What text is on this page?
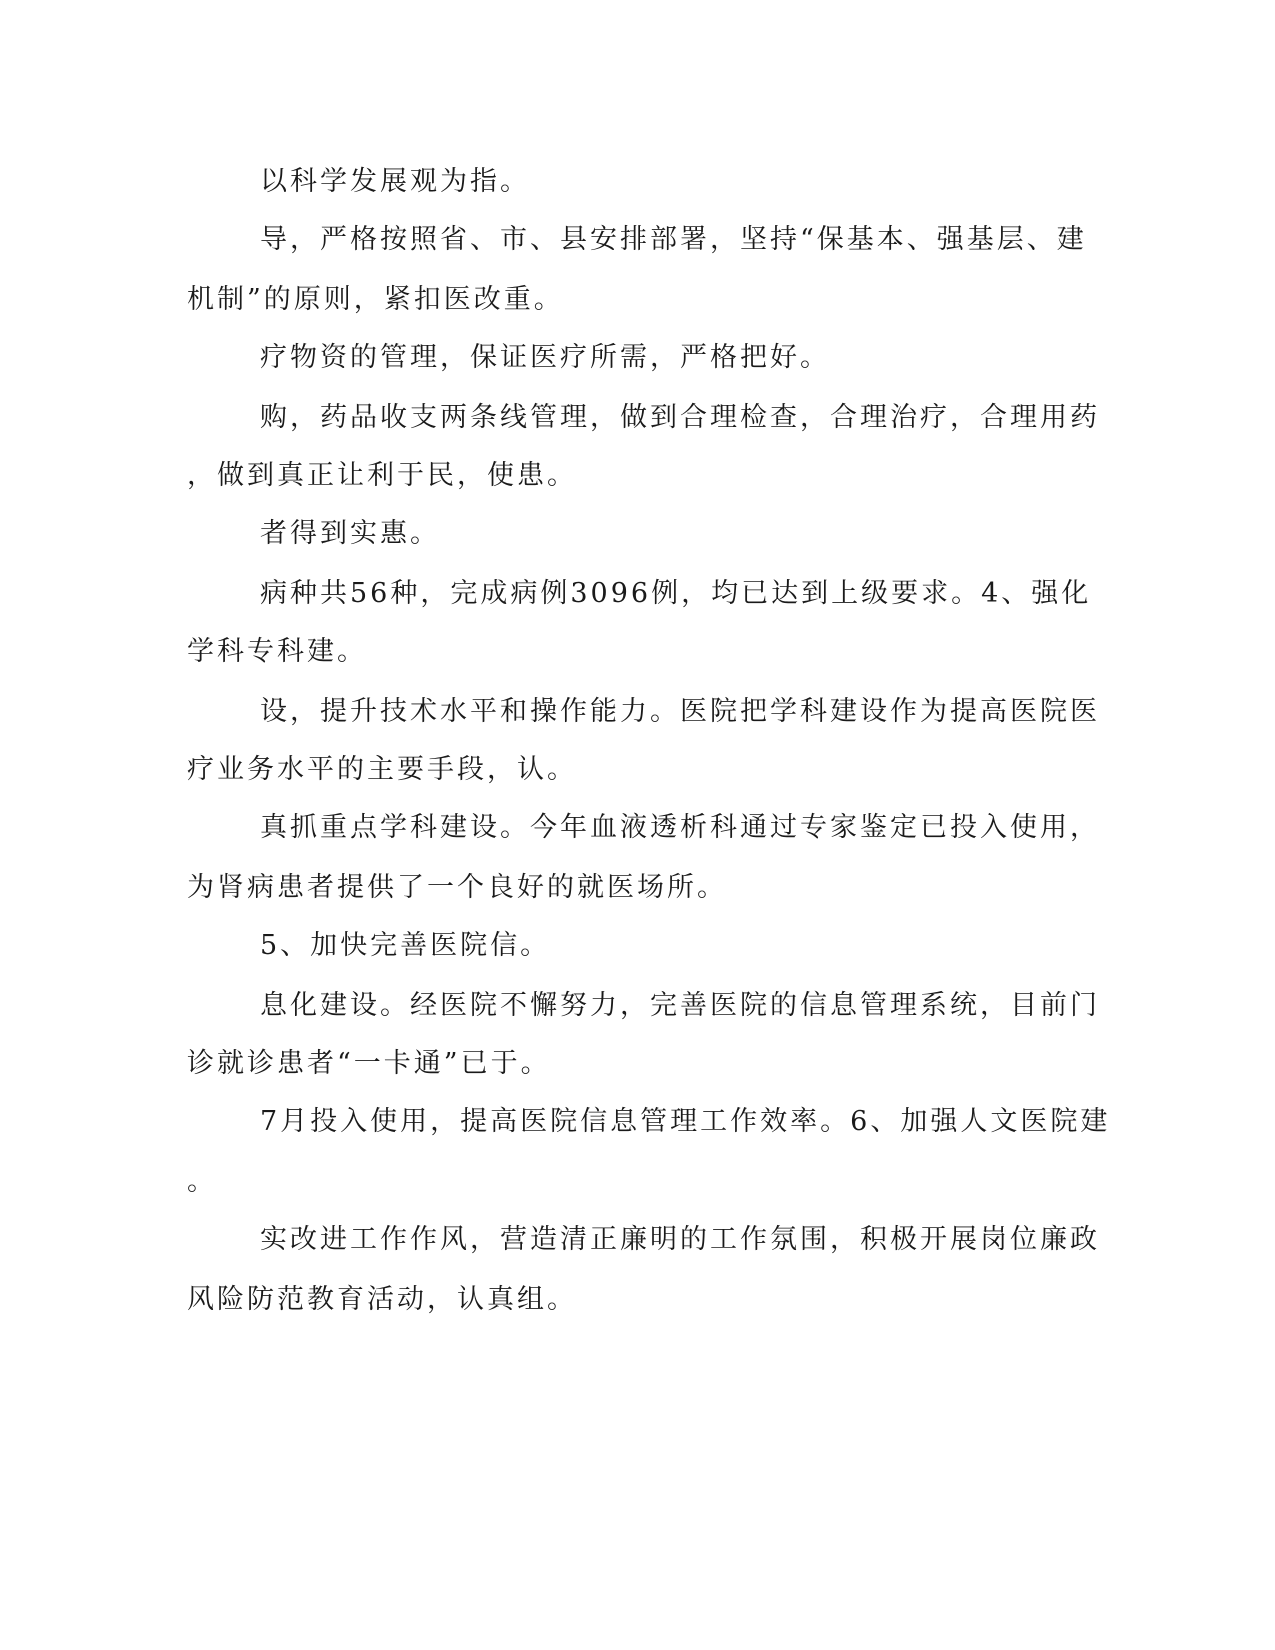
以科学发展观为指。
导，严格按照省、市、县安排部署，坚持“保基本、强基层、建
机制”的原则，紧扣医改重。
疗物资的管理，保证医疗所需，严格把好。
购，药品收支两条线管理，做到合理检查，合理治疗，合理用药
，做到真正让利于民，使患。
者得到实惠。
病种共56种，完成病例3096例，均已达到上级要求。4、强化
学科专科建。
设，提升技术水平和操作能力。医院把学科建设作为提高医院医
疗业务水平的主要手段，认。
真抓重点学科建设。今年血液透析科通过专家鉴定已投入使用，
为肾病患者提供了一个良好的就医场所。
5、加快完善医院信。
息化建设。经医院不懈努力，完善医院的信息管理系统，目前门
诊就诊患者“一卡通”已于。
7月投入使用，提高医院信息管理工作效率。6、加强人文医院建
。
实改进工作作风，营造清正廉明的工作氛围，积极开展岗位廉政
风险防范教育活动，认真组。
